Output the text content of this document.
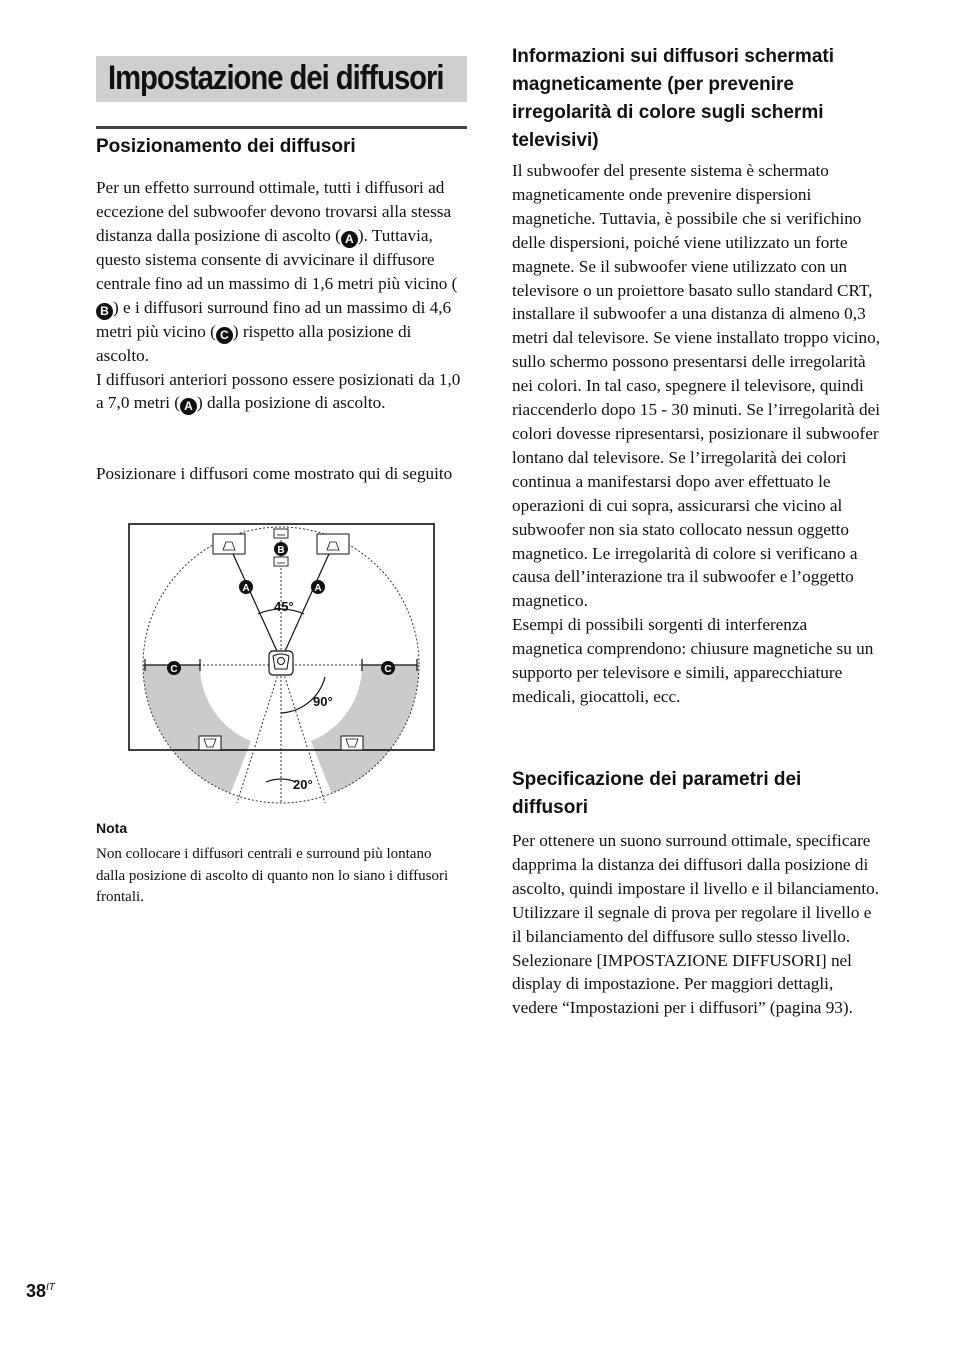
Impostazione dei diffusori
Posizionamento dei diffusori

Per un effetto surround ottimale, tutti i diffusori ad eccezione del subwoofer devono trovarsi alla stessa distanza dalla posizione di ascolto ( A ). Tuttavia, questo sistema consente di avvicinare il diffusore centrale fino ad un massimo di 1,6 metri più vicino (B ) e i diffusori surround fino ad un massimo di 4,6 metri più vicino ( C ) rispetto alla posizione di ascolto.

I diffusori anteriori possono essere posizionati da 1,0 a 7,0 metri ( A ) dalla posizione di ascolto.

Posizionare i diffusori come mostrato qui di seguito
B
A	A
C	C
45°
90°
20°
Nota
Non collocare i diffusori centrali e surround più lontano dalla posizione di ascolto di quanto non lo siano i diffusori frontali.
Informazioni sui diffusori schermati magneticamente (per prevenire irregolarità di colore sugli schermi televisivi)

Il subwoofer del presente sistema è schermato magneticamente onde prevenire dispersioni magnetiche. Tuttavia, è possibile che si verifichino delle dispersioni, poiché viene utilizzato un forte magnete. Se il subwoofer viene utilizzato con un televisore o un proiettore basato sullo standard CRT, installare il subwoofer a una distanza di almeno 0,3 metri dal televisore. Se viene installato troppo vicino, sullo schermo possono presentarsi delle irregolarità nei colori. In tal caso, spegnere il televisore, quindi riaccenderlo dopo 15 - 30 minuti. Se l’irregolarità dei colori dovesse ripresentarsi, posizionare il subwoofer lontano dal televisore. Se l’irregolarità dei colori continua a manifestarsi dopo aver effettuato le operazioni di cui sopra, assicurarsi che vicino al subwoofer non sia stato collocato nessun oggetto magnetico. Le irregolarità di colore si verificano a causa dell’interazione tra il subwoofer e l’oggetto magnetico.

Esempi di possibili sorgenti di interferenza magnetica comprendono: chiusure magnetiche su un supporto per televisore e simili, apparecchiature medicali, giocattoli, ecc.

Specificazione dei parametri dei diffusori

Per ottenere un suono surround ottimale, specificare dapprima la distanza dei diffusori dalla posizione di ascolto, quindi impostare il livello e il bilanciamento. Utilizzare il segnale di prova per regolare il livello e il bilanciamento del diffusore sullo stesso livello.

Selezionare [IMPOSTAZIONE DIFFUSORI] nel display di impostazione. Per maggiori dettagli, vedere “Impostazioni per i diffusori” (pagina 93).

$38^{IT}$
